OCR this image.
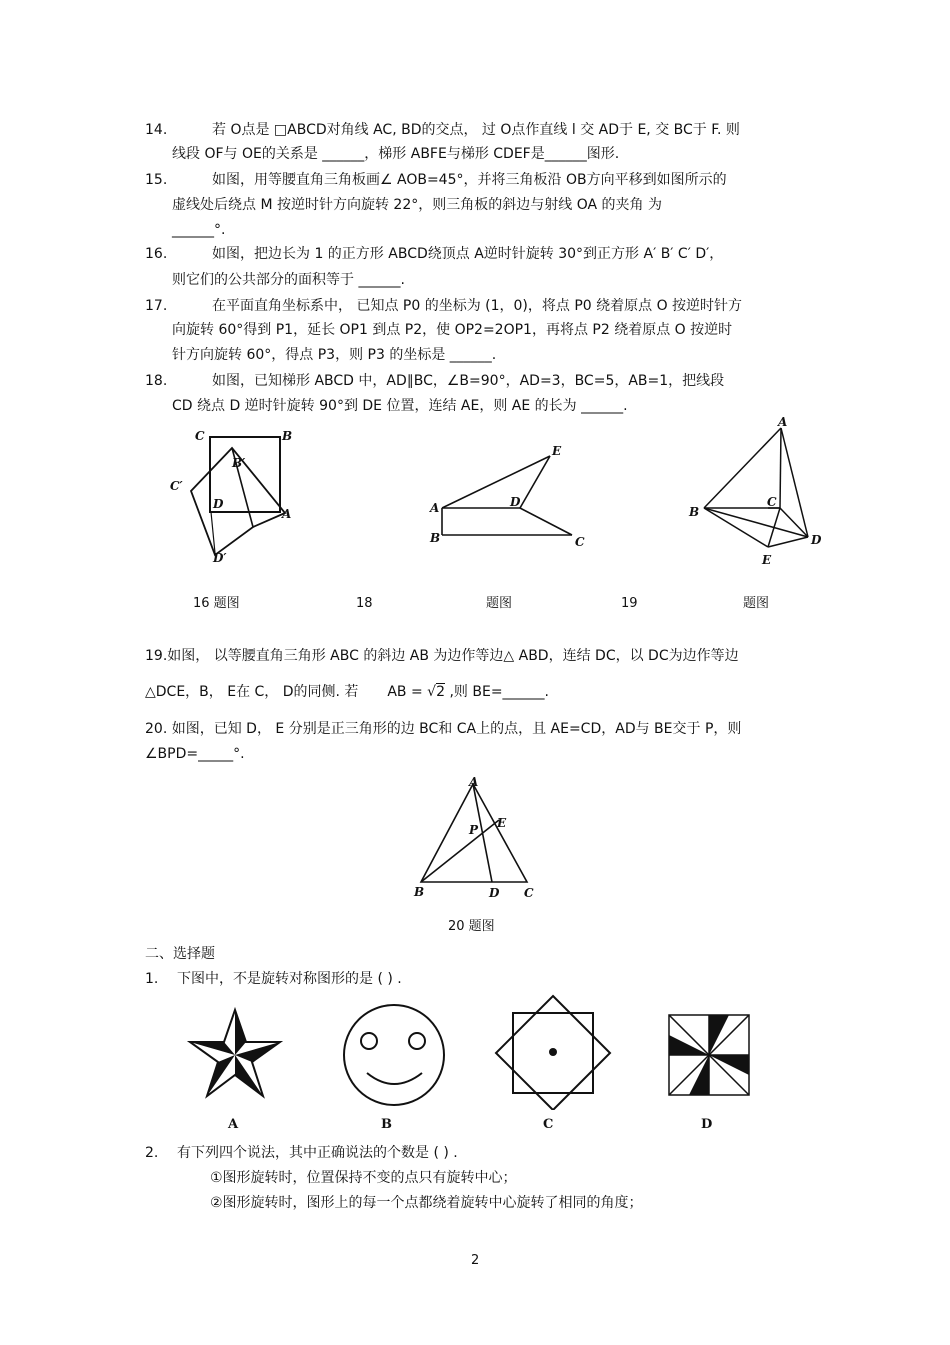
14.	若 O点是 □ABCD对角线 AC, BD的交点， 过 O点作直线 l 交 AD于 E, 交 BC于 F. 则
线段 OF与 OE的关系是 ______，梯形 ABFE与梯形 CDEF是______图形.
15.	如图，用等腰直角三角板画∠ AOB=45°，并将三角板沿 OB方向平移到如图所示的
虚线处后绕点 M 按逆时针方向旋转 22°，则三角板的斜边与射线 OA 的夹角 为
______°.
16.	如图，把边长为 1 的正方形 ABCD绕顶点 A逆时针旋转 30°到正方形 A′ B′ C′ D′，
则它们的公共部分的面积等于 ______.
17.	在平面直角坐标系中， 已知点 P0 的坐标为 (1，0)，将点 P0 绕着原点 O 按逆时针方
向旋转 60°得到 P1，延长 OP1 到点 P2，使 OP2=2OP1，再将点 P2 绕着原点 O 按逆时
针方向旋转 60°，得点 P3，则 P3 的坐标是 ______.
18.	如图，已知梯形 ABCD 中，AD∥BC，∠B=90°，AD=3，BC=5，AB=1，把线段
CD 绕点 D 逆时针旋转 90°到 DE 位置，连结 AE，则 AE 的长为 ______.
C	B
B′
C′
D
A
D′
16 题图
E
A	D
B	C
18	题图
A
C
B
D
E
19	题图
19.如图， 以等腰直角三角形 ABC 的斜边 AB 为边作等边△ ABD，连结 DC，以 DC为边作等边
△DCE，B， E在 C， D的同侧. 若 AB = √2 ,则 BE=______.
20. 如图，已知 D， E 分别是正三角形的边 BC和 CA上的点，且 AE=CD，AD与 BE交于 P，则
∠BPD=_____°.
A
P E
B	D C
20 题图
二、选择题
1. 下图中，不是旋转对称图形的是 ( ) .
A	B	C	D
2. 有下列四个说法，其中正确说法的个数是 ( ) .
①图形旋转时，位置保持不变的点只有旋转中心；
②图形旋转时，图形上的每一个点都绕着旋转中心旋转了相同的角度；
2
